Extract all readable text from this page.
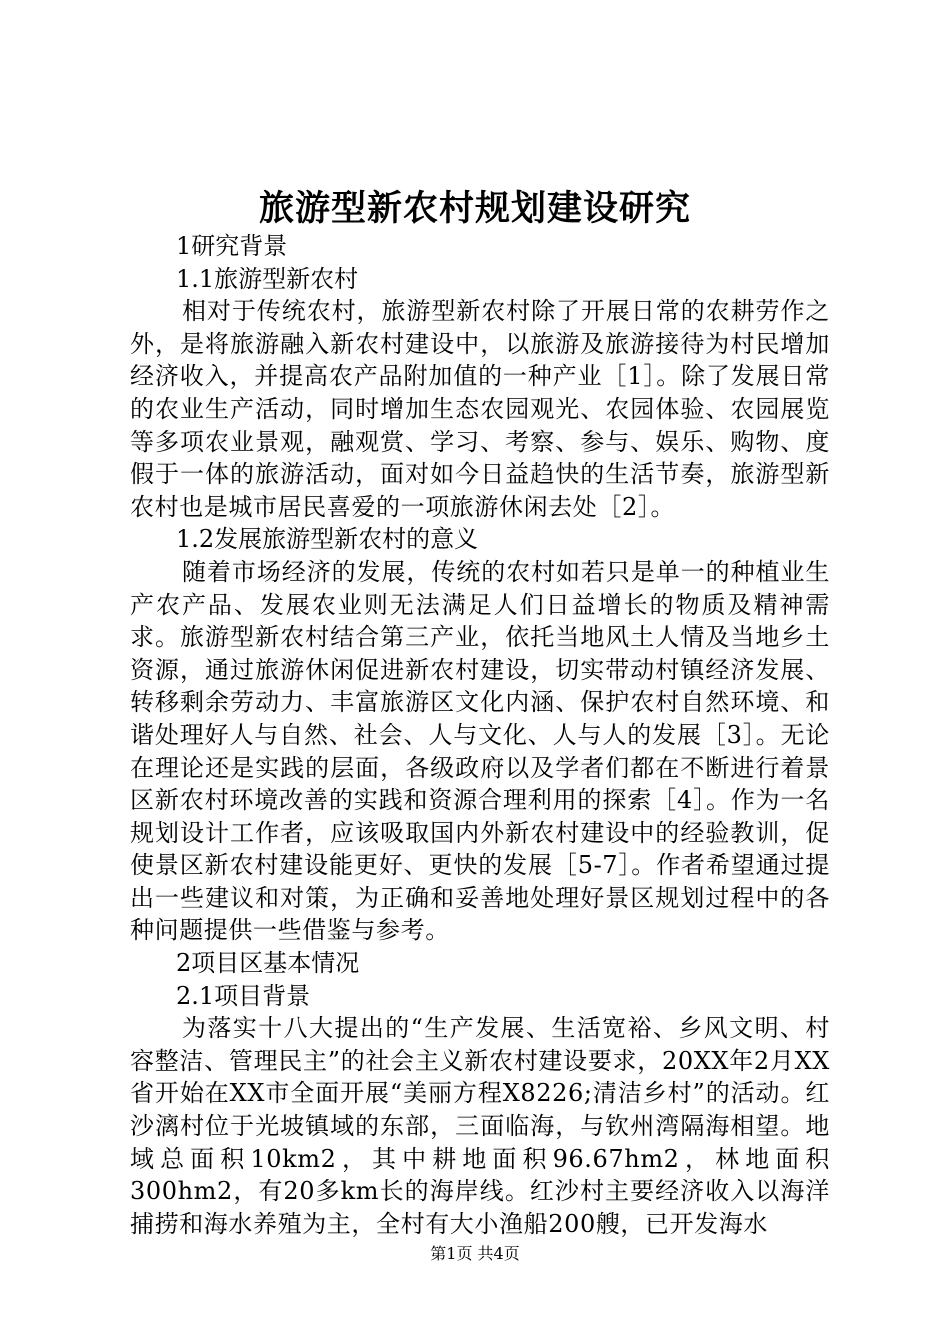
旅游型新农村规划建设研究

1研究背景

1.1旅游型新农村

相对于传统农村，旅游型新农村除了开展日常的农耕劳作之外，是将旅游融入新农村建设中，以旅游及旅游接待为村民增加经济收入，并提高农产品附加值的一种产业［1］。除了发展日常的农业生产活动，同时增加生态农园观光、农园体验、农园展览等多项农业景观，融观赏、学习、考察、参与、娱乐、购物、度假于一体的旅游活动，面对如今日益趋快的生活节奏，旅游型新农村也是城市居民喜爱的一项旅游休闲去处［2］。

1.2发展旅游型新农村的意义

随着市场经济的发展，传统的农村如若只是单一的种植业生产农产品、发展农业则无法满足人们日益增长的物质及精神需求。旅游型新农村结合第三产业，依托当地风土人情及当地乡土资源，通过旅游休闲促进新农村建设，切实带动村镇经济发展、转移剩余劳动力、丰富旅游区文化内涵、保护农村自然环境、和谐处理好人与自然、社会、人与文化、人与人的发展［3］。无论在理论还是实践的层面，各级政府以及学者们都在不断进行着景区新农村环境改善的实践和资源合理利用的探索［4］。作为一名规划设计工作者，应该吸取国内外新农村建设中的经验教训，促使景区新农村建设能更好、更快的发展［5-7］。作者希望通过提出一些建议和对策，为正确和妥善地处理好景区规划过程中的各种问题提供一些借鉴与参考。

2项目区基本情况

2.1项目背景

为落实十八大提出的“生产发展、生活宽裕、乡风文明、村容整洁、管理民主”的社会主义新农村建设要求，20XX年2月XX省开始在XX市全面开展“美丽方程X8226;清洁乡村”的活动。红沙漓村位于光坡镇域的东部，三面临海，与钦州湾隔海相望。地域总面积10km2，其中耕地面积96.67hm2，林地面积300hm2，有20多km长的海岸线。红沙村主要经济收入以海洋捕捞和海水养殖为主，全村有大小渔船200艘，已开发海水

第1页 共4页
